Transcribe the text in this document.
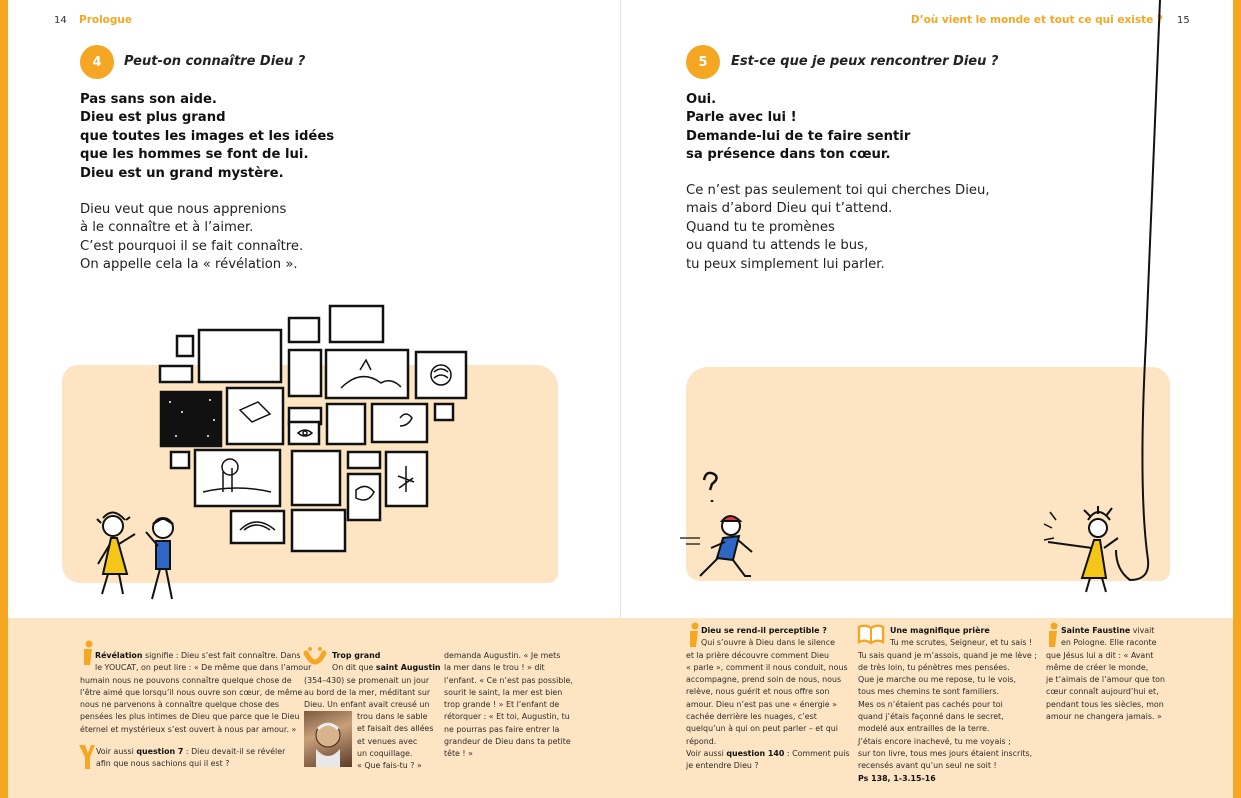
14 Prologue	D’où vient le monde et tout ce qui existe ? 15
4	Peut-on connaître Dieu ?
Pas sans son aide.
Dieu est plus grand
que toutes les images et les idées
que les hommes se font de lui.
Dieu est un grand mystère.
Dieu veut que nous apprenions
à le connaître et à l’aimer.
C’est pourquoi il se fait connaître.
On appelle cela la « révélation ».
5	Est-ce que je peux rencontrer Dieu ?
Oui.
Parle avec lui !
Demande-lui de te faire sentir
sa présence dans ton cœur.
Ce n’est pas seulement toi qui cherches Dieu,
mais d’abord Dieu qui t’attend.
Quand tu te promènes
ou quand tu attends le bus,
tu peux simplement lui parler.
Révélation signifie : Dieu s’est fait connaître. Dans
le YOUCAT, on peut lire : « De même que dans l’amour
humain nous ne pouvons connaître quelque chose de
l’être aimé que lorsqu’il nous ouvre son cœur, de même
nous ne parvenons à connaître quelque chose des
pensées les plus intimes de Dieu que parce que le Dieu
éternel et mystérieux s’est ouvert à nous par amour. »
Voir aussi question 7 : Dieu devait-il se révéler
afin que nous sachions qui il est ?
Trop grand
On dit que saint Augustin
(354–430) se promenait un jour
au bord de la mer, méditant sur
Dieu. Un enfant avait creusé un
trou dans le sable
et faisait des allées
et venues avec
un coquillage.
« Que fais-tu ? »
demanda Augustin. « Je mets
la mer dans le trou ! » dit
l’enfant. « Ce n’est pas possible,
sourit le saint, la mer est bien
trop grande ! » Et l’enfant de
rétorquer : « Et toi, Augustin, tu
ne pourras pas faire entrer la
grandeur de Dieu dans ta petite
tête ! »
Dieu se rend-il perceptible ?
Qui s’ouvre à Dieu dans le silence
et la prière découvre comment Dieu
« parle », comment il nous conduit, nous
accompagne, prend soin de nous, nous
relève, nous guérit et nous offre son
amour. Dieu n’est pas une « énergie »
cachée derrière les nuages, c’est
quelqu’un à qui on peut parler – et qui
répond.
Voir aussi question 140 : Comment puis
je entendre Dieu ?
Une magnifique prière
Tu me scrutes, Seigneur, et tu sais !
Tu sais quand je m’assois, quand je me lève ;
de très loin, tu pénètres mes pensées.
Que je marche ou me repose, tu le vois,
tous mes chemins te sont familiers.
Mes os n’étaient pas cachés pour toi
quand j’étais façonné dans le secret,
modelé aux entrailles de la terre.
J’étais encore inachevé, tu me voyais ;
sur ton livre, tous mes jours étaient inscrits,
recensés avant qu’un seul ne soit !
Ps 138, 1-3.15-16
Sainte Faustine vivait
en Pologne. Elle raconte
que Jésus lui a dit : « Avant
même de créer le monde,
je t’aimais de l’amour que ton
cœur connaît aujourd’hui et,
pendant tous les siècles, mon
amour ne changera jamais. »
